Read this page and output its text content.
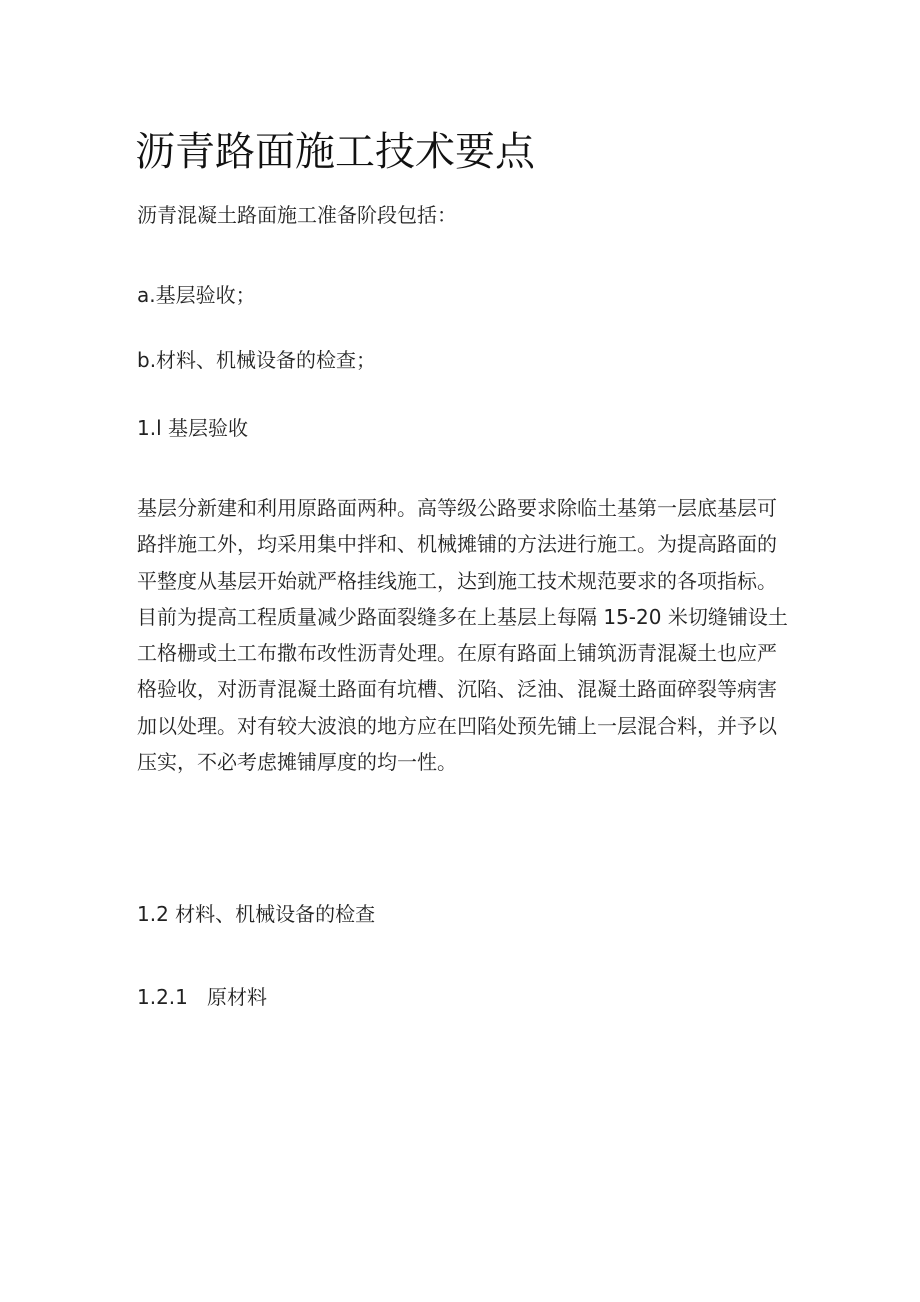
沥青路面施工技术要点

沥青混凝土路面施工准备阶段包括：

a.基层验收；

b.材料、机械设备的检查；

1.l 基层验收

基层分新建和利用原路面两种。高等级公路要求除临土基第一层底基层可
路拌施工外，均采用集中拌和、机械摊铺的方法进行施工。为提高路面的
平整度从基层开始就严格挂线施工，达到施工技术规范要求的各项指标。
目前为提高工程质量减少路面裂缝多在上基层上每隔 15-20 米切缝铺设土
工格栅或土工布撒布改性沥青处理。在原有路面上铺筑沥青混凝土也应严
格验收，对沥青混凝土路面有坑槽、沉陷、泛油、混凝土路面碎裂等病害
加以处理。对有较大波浪的地方应在凹陷处预先铺上一层混合料，并予以
压实，不必考虑摊铺厚度的均一性。

1.2 材料、机械设备的检查

1.2.1   原材料
